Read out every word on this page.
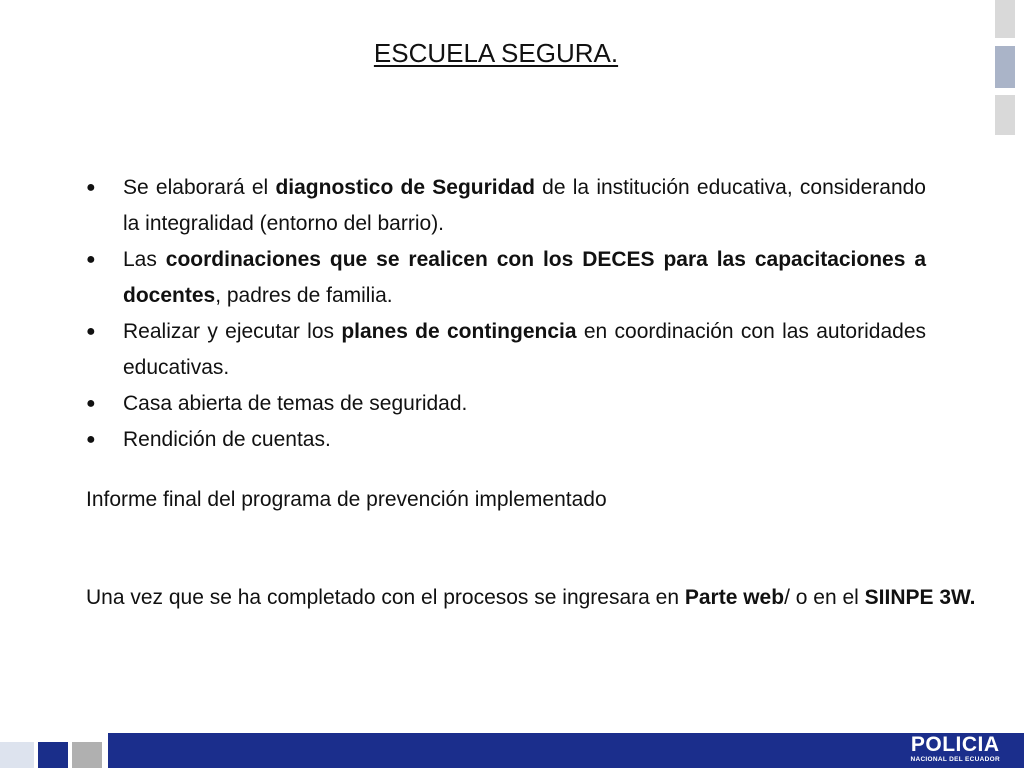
ESCUELA SEGURA.
● Se elaborará el diagnostico de Seguridad de la institución educativa, considerando la integralidad (entorno del barrio).
● Las coordinaciones que se realicen con los DECES para las capacitaciones a docentes, padres de familia.
● Realizar y ejecutar los planes de contingencia en coordinación con las autoridades educativas.
● Casa abierta de temas de seguridad.
● Rendición de cuentas.

Informe final del programa de prevención implementado

Una vez que se ha completado con el procesos se ingresara en Parte web/ o en el SIINPE 3W.

POLICIA
NACIONAL DEL ECUADOR
